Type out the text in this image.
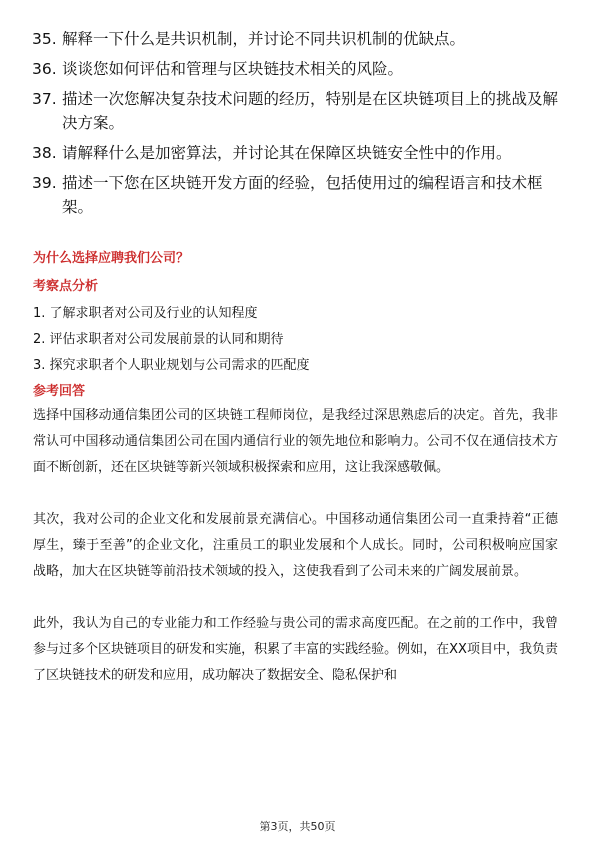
35. 解释一下什么是共识机制，并讨论不同共识机制的优缺点。
36. 谈谈您如何评估和管理与区块链技术相关的风险。
37. 描述一次您解决复杂技术问题的经历，特别是在区块链项目上的挑战及解决方案。
38. 请解释什么是加密算法，并讨论其在保障区块链安全性中的作用。
39. 描述一下您在区块链开发方面的经验，包括使用过的编程语言和技术框架。
为什么选择应聘我们公司？
考察点分析
1. 了解求职者对公司及行业的认知程度
2. 评估求职者对公司发展前景的认同和期待
3. 探究求职者个人职业规划与公司需求的匹配度
参考回答

选择中国移动通信集团公司的区块链工程师岗位，是我经过深思熟虑后的决定。首先，我非常认可中国移动通信集团公司在国内通信行业的领先地位和影响力。公司不仅在通信技术方面不断创新，还在区块链等新兴领域积极探索和应用，这让我深感敬佩。

其次，我对公司的企业文化和发展前景充满信心。中国移动通信集团公司一直秉持着“正德厚生，臻于至善”的企业文化，注重员工的职业发展和个人成长。同时，公司积极响应国家战略，加大在区块链等前沿技术领域的投入，这使我看到了公司未来的广阔发展前景。

此外，我认为自己的专业能力和工作经验与贵公司的需求高度匹配。在之前的工作中，我曾参与过多个区块链项目的研发和实施，积累了丰富的实践经验。例如，在XX项目中，我负责了区块链技术的研发和应用，成功解决了数据安全、隐私保护和

第3页，共50页
